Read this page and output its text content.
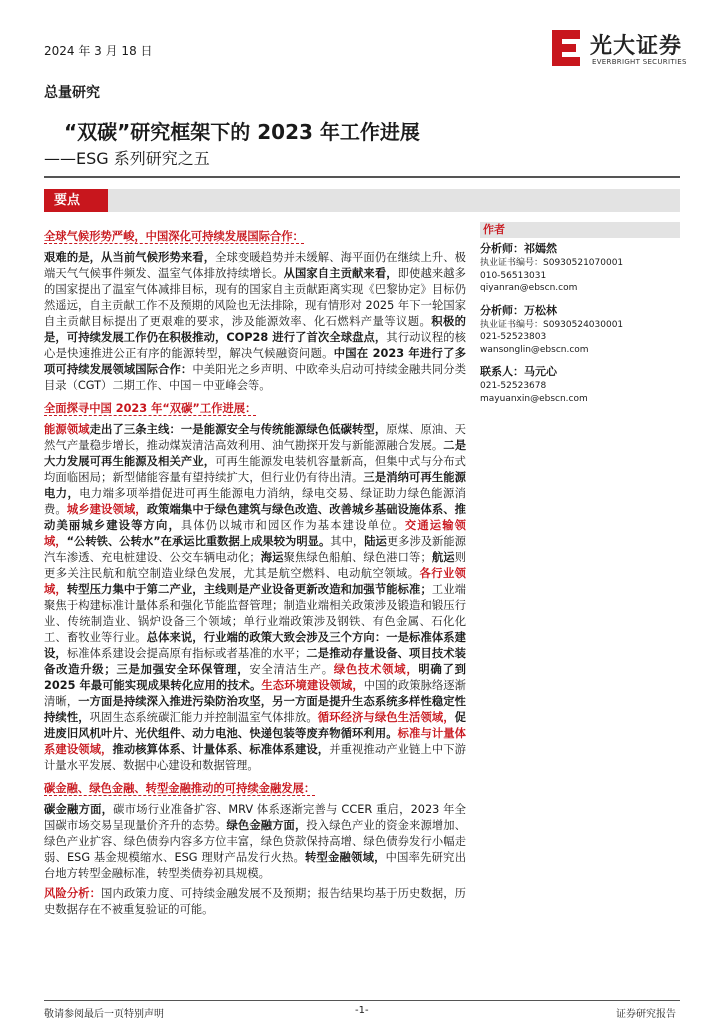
2024 年 3 月 18 日	光大证券
EVERBRIGHT SECURITIES
总量研究
“双碳”研究框架下的 2023 年工作进展
——ESG 系列研究之五
要点
全球气候形势严峻，中国深化可持续发展国际合作：

艰难的是，从当前气候形势来看，全球变暖趋势并未缓解、海平面仍在继续上升、极端天气气候事件频发、温室气体排放持续增长。从国家自主贡献来看，即使越来越多的国家提出了温室气体减排目标，现有的国家自主贡献距离实现《巴黎协定》目标仍然遥远，自主贡献工作不及预期的风险也无法排除，现有情形对 2025 年下一轮国家自主贡献目标提出了更艰难的要求，涉及能源效率、化石燃料产量等议题。积极的是，可持续发展工作仍在积极推动，COP28 进行了首次全球盘点，其行动议程的核心是快速推进公正有序的能源转型，解决气候融资问题。中国在 2023 年进行了多项可持续发展领域国际合作：中美阳光之乡声明、中欧牵头启动可持续金融共同分类目录（CGT）二期工作、中国－中亚峰会等。

全面探寻中国 2023 年“双碳”工作进展：

能源领域走出了三条主线：一是能源安全与传统能源绿色低碳转型，原煤、原油、天然气产量稳步增长，推动煤炭清洁高效利用、油气勘探开发与新能源融合发展。二是大力发展可再生能源及相关产业，可再生能源发电装机容量新高，但集中式与分布式均面临困局；新型储能容量有望持续扩大，但行业仍有待出清。三是消纳可再生能源电力，电力端多项举措促进可再生能源电力消纳，绿电交易、绿证助力绿色能源消费。城乡建设领域，政策端集中于绿色建筑与绿色改造、改善城乡基础设施体系、推动美丽城乡建设等方向，具体仍以城市和园区作为基本建设单位。交通运输领域，“公转铁、公转水”在承运比重数据上成果较为明显。其中，陆运更多涉及新能源汽车渗透、充电桩建设、公交车辆电动化；海运聚焦绿色船舶、绿色港口等；航运则更多关注民航和航空制造业绿色发展，尤其是航空燃料、电动航空领域。各行业领域，转型压力集中于第二产业，主线则是产业设备更新改造和加强节能标准；工业端聚焦于构建标准计量体系和强化节能监督管理；制造业端相关政策涉及锻造和锻压行业、传统制造业、锅炉设备三个领域；单行业端政策涉及钢铁、有色金属、石化化工、畜牧业等行业。总体来说，行业端的政策大致会涉及三个方向：一是标准体系建设，标准体系建设会提高原有指标或者基准的水平；二是推动存量设备、项目技术装备改造升级；三是加强安全环保管理，安全清洁生产。绿色技术领域，明确了到 2025 年最可能实现成果转化应用的技术。生态环境建设领域，中国的政策脉络逐渐清晰，一方面是持续深入推进污染防治攻坚，另一方面是提升生态系统多样性稳定性持续性，巩固生态系统碳汇能力并控制温室气体排放。循环经济与绿色生活领域，促进废旧风机叶片、光伏组件、动力电池、快递包装等废弃物循环利用。标准与计量体系建设领域，推动核算体系、计量体系、标准体系建设，并重视推动产业链上中下游计量水平发展、数据中心建设和数据管理。

碳金融、绿色金融、转型金融推动的可持续金融发展：

碳金融方面，碳市场行业准备扩容、MRV 体系逐渐完善与 CCER 重启，2023 年全国碳市场交易呈现量价齐升的态势。绿色金融方面，投入绿色产业的资金来源增加、绿色产业扩容、绿色债券内容多方位丰富，绿色贷款保持高增、绿色债券发行小幅走弱、ESG 基金规模缩水、ESG 理财产品发行火热。转型金融领域，中国率先研究出台地方转型金融标准，转型类债券初具规模。

风险分析：国内政策力度、可持续金融发展不及预期；报告结果均基于历史数据，历史数据存在不被重复验证的可能。

作者
分析师：祁嫣然
执业证书编号：S0930521070001
010-56513031
qiyanran@ebscn.com
分析师：万松林
执业证书编号：S0930524030001
021-52523803
wansonglin@ebscn.com
联系人：马元心
021-52523678
mayuanxin@ebscn.com
敬请参阅最后一页特别声明	-1-	证券研究报告
